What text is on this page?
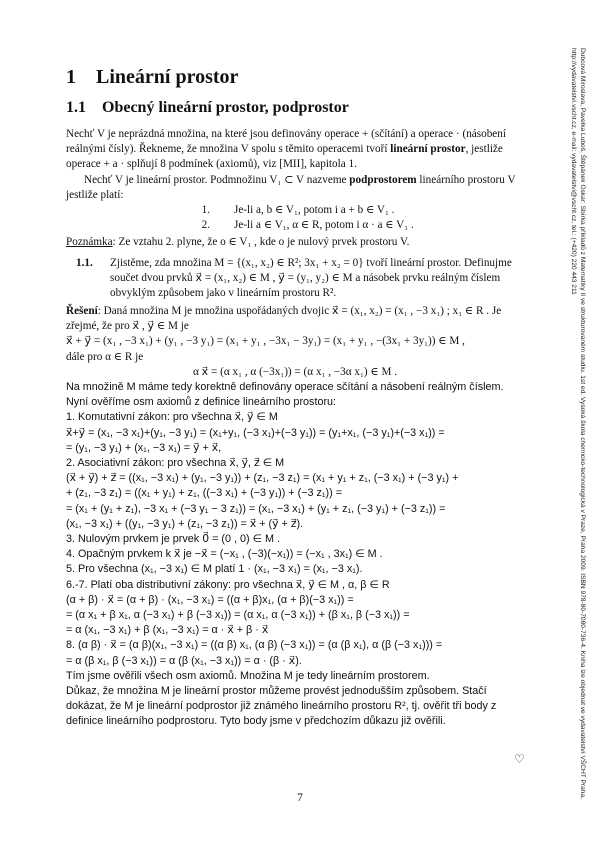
1 Lineární prostor
1.1 Obecný lineární prostor, podprostor

Nechť V je neprázdná množina, na které jsou definovány operace + (sčítání) a operace · (násobení reálnými čísly). Řekneme, že množina V spolu s těmito operacemi tvoří lineární prostor, jestliže operace + a · splňují 8 podmínek (axiomů), viz [MII], kapitola 1.

Nechť V je lineární prostor. Podmnožinu V₁ ⊂ V nazveme podprostorem lineárního prostoru V jestliže platí:

1.	Je-li a, b ∈ V₁, potom i a + b ∈ V₁ .
2.	Je-li a ∈ V₁, α ∈ R, potom i α · a ∈ V₁ .

Poznámka: Ze vztahu 2. plyne, že o ∈ V₁ , kde o je nulový prvek prostoru V.

1.1. Zjistěme, zda množina M = {(x₁, x₂) ∈ R²; 3x₁ + x₂ = 0} tvoří lineární prostor. Definujme součet dvou prvků x⃗ = (x₁, x₂) ∈ M , y⃗ = (y₁, y₂) ∈ M a násobek prvku reálným číslem obvyklým způsobem jako v lineárním prostoru R².

Řešení: Daná množina M je množina uspořádaných dvojic x⃗ = (x₁, x₂) = (x₁ , −3 x₁) ; x₁ ∈ R . Je zřejmé, že pro x⃗ , y⃗ ∈ M je

x⃗ + y⃗ = (x₁ , −3 x₁) + (y₁ , −3 y₁) = (x₁ + y₁ , −3x₁ − 3y₁) = (x₁ + y₁ , −(3x₁ + 3y₁)) ∈ M ,

dále pro α ∈ R je

α x⃗ = (α x₁ , α (−3x₁)) = (α x₁ , −3α x₁) ∈ M .

Na množině M máme tedy korektně definovány operace sčítání a násobení reálným číslem.

Nyní ověříme osm axiomů z definice lineárního prostoru:

1. Komutativní zákon: pro všechna x⃗, y⃗ ∈ M

x⃗+y⃗ = (x₁, −3 x₁)+(y₁, −3 y₁) = (x₁+y₁, (−3 x₁)+(−3 y₁)) = (y₁+x₁, (−3 y₁)+(−3 x₁)) =

= (y₁, −3 y₁) + (x₁, −3 x₁) = y⃗ + x⃗,

2. Asociativní zákon: pro všechna x⃗, y⃗, z⃗ ∈ M

(x⃗ + y⃗) + z⃗ = ((x₁, −3 x₁) + (y₁, −3 y₁)) + (z₁, −3 z₁) = (x₁ + y₁ + z₁, (−3 x₁) + (−3 y₁) +

+ (z₁, −3 z₁) = ((x₁ + y₁) + z₁, ((−3 x₁) + (−3 y₁)) + (−3 z₁)) =

= (x₁ + (y₁ + z₁), −3 x₁ + (−3 y₁ − 3 z₁)) = (x₁, −3 x₁) + (y₁ + z₁, (−3 y₁) + (−3 z₁)) =

(x₁, −3 x₁) + ((y₁, −3 y₁) + (z₁, −3 z₁)) = x⃗ + (y⃗ + z⃗).

3. Nulovým prvkem je prvek 0⃗ = (0 , 0) ∈ M .

4. Opačným prvkem k x⃗ je −x⃗ = (−x₁ , (−3)(−x₁)) = (−x₁ , 3x₁) ∈ M .

5. Pro všechna (x₁, −3 x₁) ∈ M platí 1 · (x₁, −3 x₁) = (x₁, −3 x₁).

6.-7. Platí oba distributivní zákony: pro všechna x⃗, y⃗ ∈ M , α, β ∈ R

(α + β) · x⃗ = (α + β) · (x₁, −3 x₁) = ((α + β)x₁, (α + β)(−3 x₁)) =

= (α x₁ + β x₁, α (−3 x₁) + β (−3 x₁)) = (α x₁, α (−3 x₁)) + (β x₁, β (−3 x₁)) =

= α (x₁, −3 x₁) + β (x₁, −3 x₁) = α · x⃗ + β · x⃗

8. (α β) · x⃗ = (α β)(x₁, −3 x₁) = ((α β) x₁, (α β) (−3 x₁)) = (α (β x₁), α (β (−3 x₁))) =

= α (β x₁, β (−3 x₁)) = α (β (x₁, −3 x₁)) = α · (β · x⃗).

Tím jsme ověřili všech osm axiomů. Množina M je tedy lineárním prostorem.

Důkaz, že množina M je lineární prostor můžeme provést jednodušším způsobem. Stačí dokázat, že M je lineární podprostor již známého lineárního prostoru R², tj. ověřit tři body z definice lineárního podprostoru. Tyto body jsme v předchozím důkazu již ověřili.

♡
7	Dubcová Miroslava, Pavelka Luboš, Štěpánek Oskar: Sbírka příkladů z Matematiky II ve strukturovaném studiu. 1st ed. Vysoká škola chemicko-technologická v Praze, Praha 2009. ISBN 978-80-7080-736-4. Kniha lze objednat ve vydavatelství VŠCHT Praha, http://vydavatelstvi.vscht.cz, e-mail: vydavatelstvi@vscht.cz, tel.: (+420) 220 443 211
